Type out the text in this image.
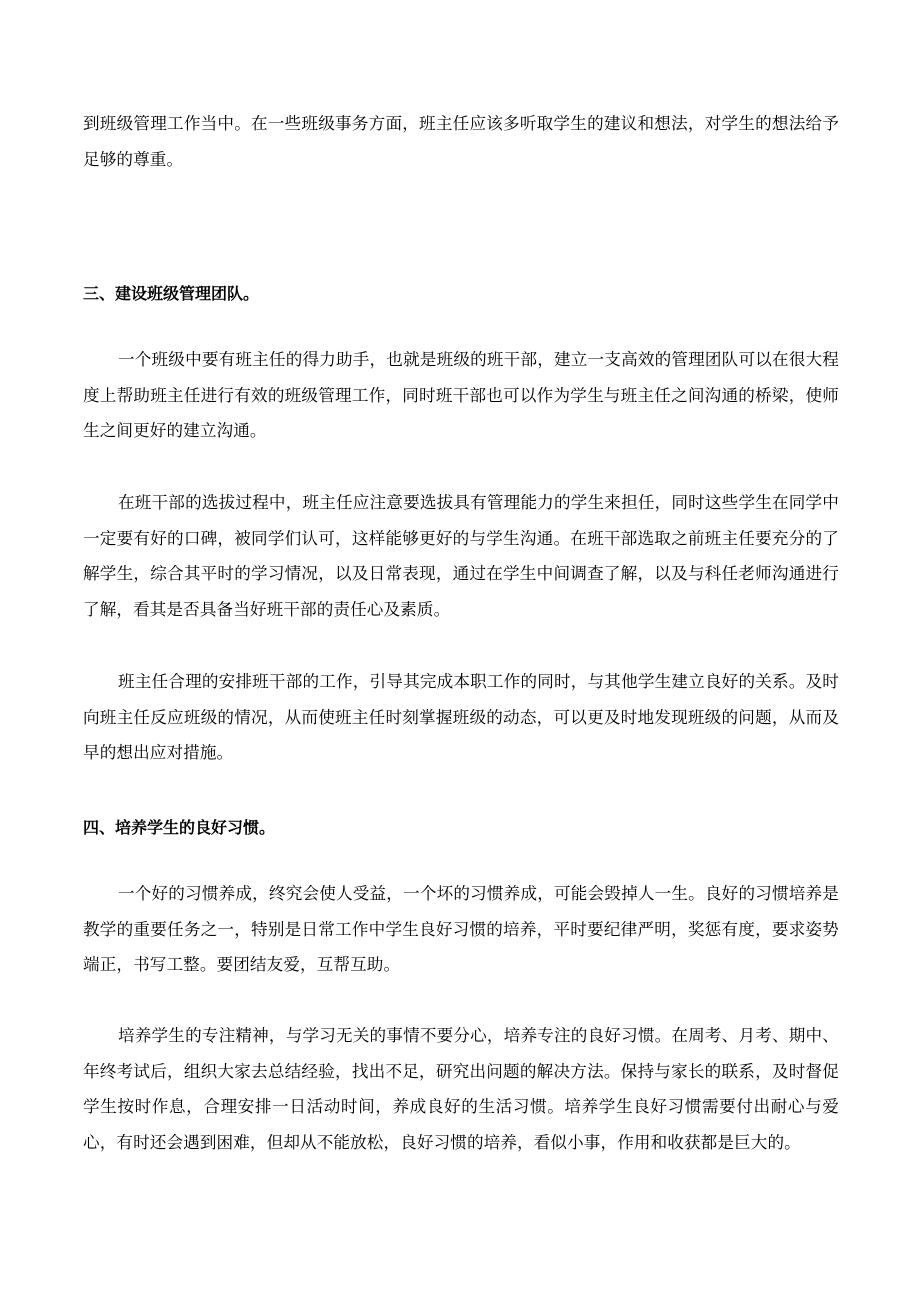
到班级管理工作当中。在一些班级事务方面，班主任应该多听取学生的建议和想法，对学生的想法给予足够的尊重。

三、建设班级管理团队。

一个班级中要有班主任的得力助手，也就是班级的班干部，建立一支高效的管理团队可以在很大程度上帮助班主任进行有效的班级管理工作，同时班干部也可以作为学生与班主任之间沟通的桥梁，使师生之间更好的建立沟通。

在班干部的选拔过程中，班主任应注意要选拔具有管理能力的学生来担任，同时这些学生在同学中一定要有好的口碑，被同学们认可，这样能够更好的与学生沟通。在班干部选取之前班主任要充分的了解学生，综合其平时的学习情况，以及日常表现，通过在学生中间调查了解，以及与科任老师沟通进行了解，看其是否具备当好班干部的责任心及素质。

班主任合理的安排班干部的工作，引导其完成本职工作的同时，与其他学生建立良好的关系。及时向班主任反应班级的情况，从而使班主任时刻掌握班级的动态，可以更及时地发现班级的问题，从而及早的想出应对措施。

四、培养学生的良好习惯。

一个好的习惯养成，终究会使人受益，一个坏的习惯养成，可能会毁掉人一生。良好的习惯培养是教学的重要任务之一，特别是日常工作中学生良好习惯的培养，平时要纪律严明，奖惩有度，要求姿势端正，书写工整。要团结友爱，互帮互助。

培养学生的专注精神，与学习无关的事情不要分心，培养专注的良好习惯。在周考、月考、期中、年终考试后，组织大家去总结经验，找出不足，研究出问题的解决方法。保持与家长的联系，及时督促学生按时作息，合理安排一日活动时间，养成良好的生活习惯。培养学生良好习惯需要付出耐心与爱心，有时还会遇到困难，但却从不能放松，良好习惯的培养，看似小事，作用和收获都是巨大的。
